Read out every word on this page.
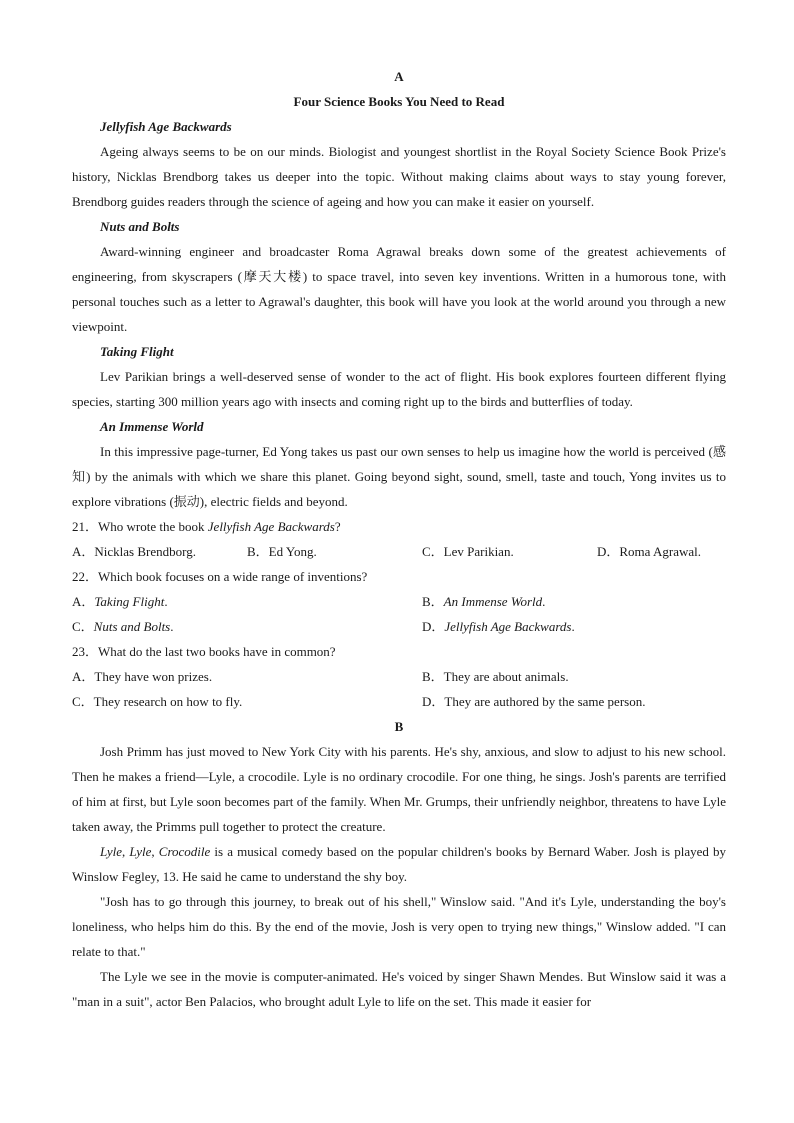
A
Four Science Books You Need to Read
Jellyfish Age Backwards

Ageing always seems to be on our minds. Biologist and youngest shortlist in the Royal Society Science Book Prize's history, Nicklas Brendborg takes us deeper into the topic. Without making claims about ways to stay young forever, Brendborg guides readers through the science of ageing and how you can make it easier on yourself.

Nuts and Bolts

Award-winning engineer and broadcaster Roma Agrawal breaks down some of the greatest achievements of engineering, from skyscrapers (摩天大楼) to space travel, into seven key inventions. Written in a humorous tone, with personal touches such as a letter to Agrawal's daughter, this book will have you look at the world around you through a new viewpoint.

Taking Flight

Lev Parikian brings a well-deserved sense of wonder to the act of flight. His book explores fourteen different flying species, starting 300 million years ago with insects and coming right up to the birds and butterflies of today.

An Immense World

In this impressive page-turner, Ed Yong takes us past our own senses to help us imagine how the world is perceived (感知) by the animals with which we share this planet. Going beyond sight, sound, smell, taste and touch, Yong invites us to explore vibrations (振动), electric fields and beyond.

21．Who wrote the book Jellyfish Age Backwards?

A．Nicklas Brendborg.	B．Ed Yong.	C．Lev Parikian.	D．Roma Agrawal.

22．Which book focuses on a wide range of inventions?

A．Taking Flight.	B．An Immense World.
C．Nuts and Bolts.	D．Jellyfish Age Backwards.

23．What do the last two books have in common?

A．They have won prizes.	B．They are about animals.
C．They research on how to fly.	D．They are authored by the same person.
B

Josh Primm has just moved to New York City with his parents. He's shy, anxious, and slow to adjust to his new school. Then he makes a friend—Lyle, a crocodile. Lyle is no ordinary crocodile. For one thing, he sings. Josh's parents are terrified of him at first, but Lyle soon becomes part of the family. When Mr. Grumps, their unfriendly neighbor, threatens to have Lyle taken away, the Primms pull together to protect the creature.

Lyle, Lyle, Crocodile is a musical comedy based on the popular children's books by Bernard Waber. Josh is played by Winslow Fegley, 13. He said he came to understand the shy boy.

"Josh has to go through this journey, to break out of his shell," Winslow said. "And it's Lyle, understanding the boy's loneliness, who helps him do this. By the end of the movie, Josh is very open to trying new things," Winslow added. "I can relate to that."

The Lyle we see in the movie is computer-animated. He's voiced by singer Shawn Mendes. But Winslow said it was a "man in a suit", actor Ben Palacios, who brought adult Lyle to life on the set. This made it easier for
